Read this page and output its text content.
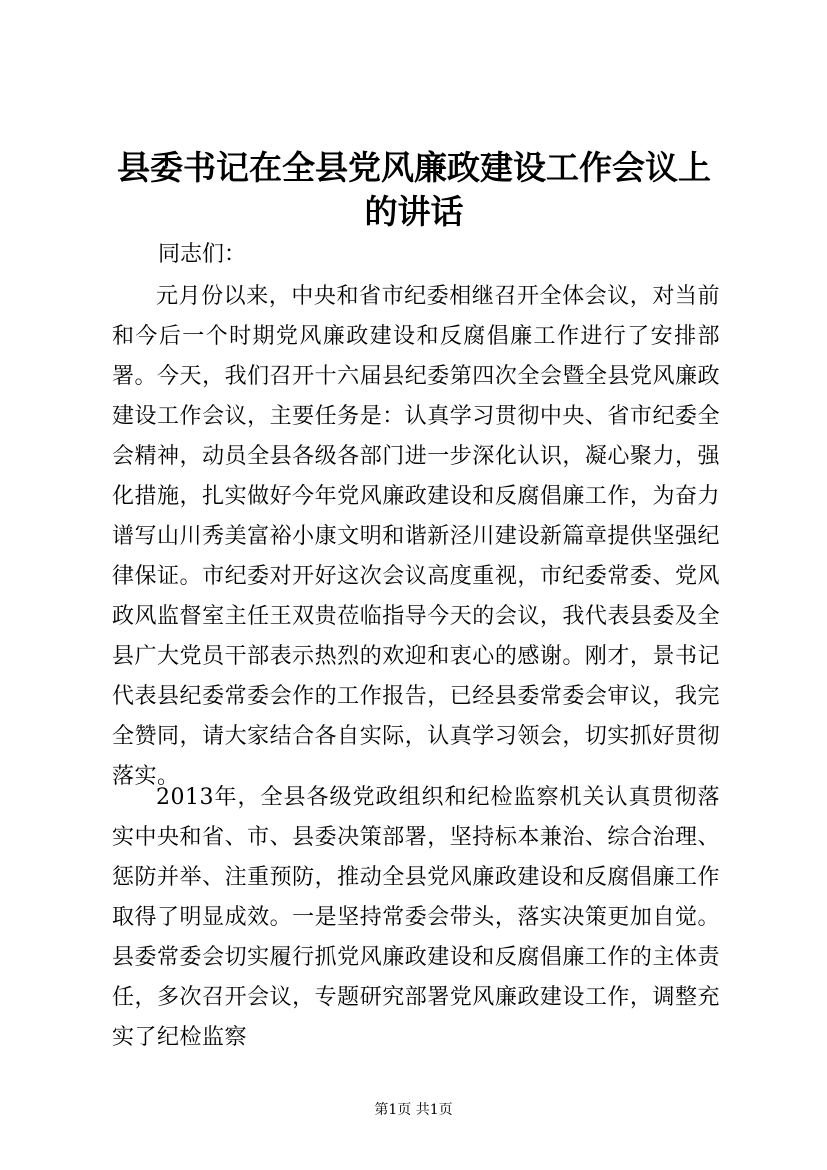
县委书记在全县党风廉政建设工作会议上的讲话

同志们：

元月份以来，中央和省市纪委相继召开全体会议，对当前和今后一个时期党风廉政建设和反腐倡廉工作进行了安排部署。今天，我们召开十六届县纪委第四次全会暨全县党风廉政建设工作会议，主要任务是：认真学习贯彻中央、省市纪委全会精神，动员全县各级各部门进一步深化认识，凝心聚力，强化措施，扎实做好今年党风廉政建设和反腐倡廉工作，为奋力谱写山川秀美富裕小康文明和谐新泾川建设新篇章提供坚强纪律保证。市纪委对开好这次会议高度重视，市纪委常委、党风政风监督室主任王双贵莅临指导今天的会议，我代表县委及全县广大党员干部表示热烈的欢迎和衷心的感谢。刚才，景书记代表县纪委常委会作的工作报告，已经县委常委会审议，我完全赞同，请大家结合各自实际，认真学习领会，切实抓好贯彻落实。

2013年，全县各级党政组织和纪检监察机关认真贯彻落实中央和省、市、县委决策部署，坚持标本兼治、综合治理、惩防并举、注重预防，推动全县党风廉政建设和反腐倡廉工作取得了明显成效。一是坚持常委会带头，落实决策更加自觉。县委常委会切实履行抓党风廉政建设和反腐倡廉工作的主体责任，多次召开会议，专题研究部署党风廉政建设工作，调整充实了纪检监察

第1页 共1页
